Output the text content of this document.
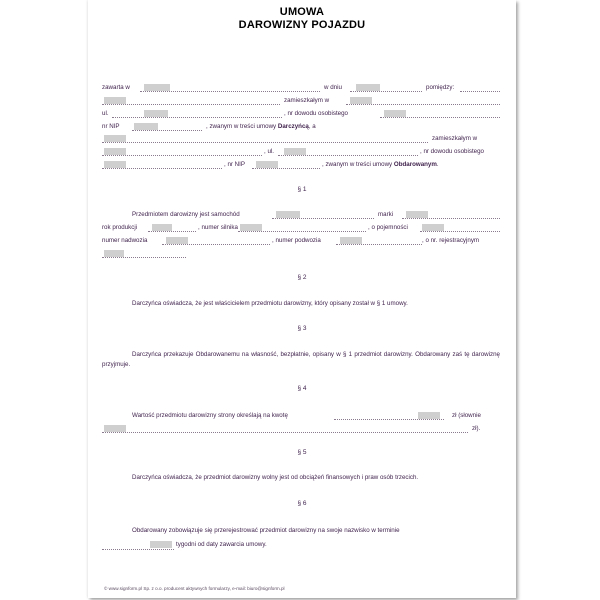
UMOWA
DAROWIZNY POJAZDU
zawarta w	w dniu	pomiędzy:
zamieszkałym w
ul.	, nr dowodu osobistego
nr NIP	, zwanym w treści umowy Darczyńcą, a
zamieszkałym w
, ul.	, nr dowodu osobistego
, nr NIP	, zwanym w treści umowy Obdarowanym.
§ 1
Przedmiotem darowizny jest samochód	marki
rok produkcji	, numer silnika	, o pojemności
numer nadwozia	, numer podwozia	, o nr. rejestracyjnym
§ 2
Darczyńca oświadcza, że jest właścicielem przedmiotu darowizny, który opisany został w § 1 umowy.
§ 3
Darczyńca przekazuje Obdarowanemu na własność, bezpłatnie, opisany w § 1 przedmiot darowizny. Obdarowany zaś tę darowiznę przyjmuje.
§ 4
Wartość przedmiotu darowizny strony określają na kwotę	zł (słownie
zł).
§ 5
Darczyńca oświadcza, że przedmiot darowizny wolny jest od obciążeń finansowych i praw osób trzecich.
§ 6
Obdarowany zobowiązuje się przerejestrować przedmiot darowizny na swoje nazwisko w terminie
tygodni od daty zawarcia umowy.
© www.signform.pl Sp. z o.o. producent aktywnych formularzy, e-mail: biuro@signform.pl
